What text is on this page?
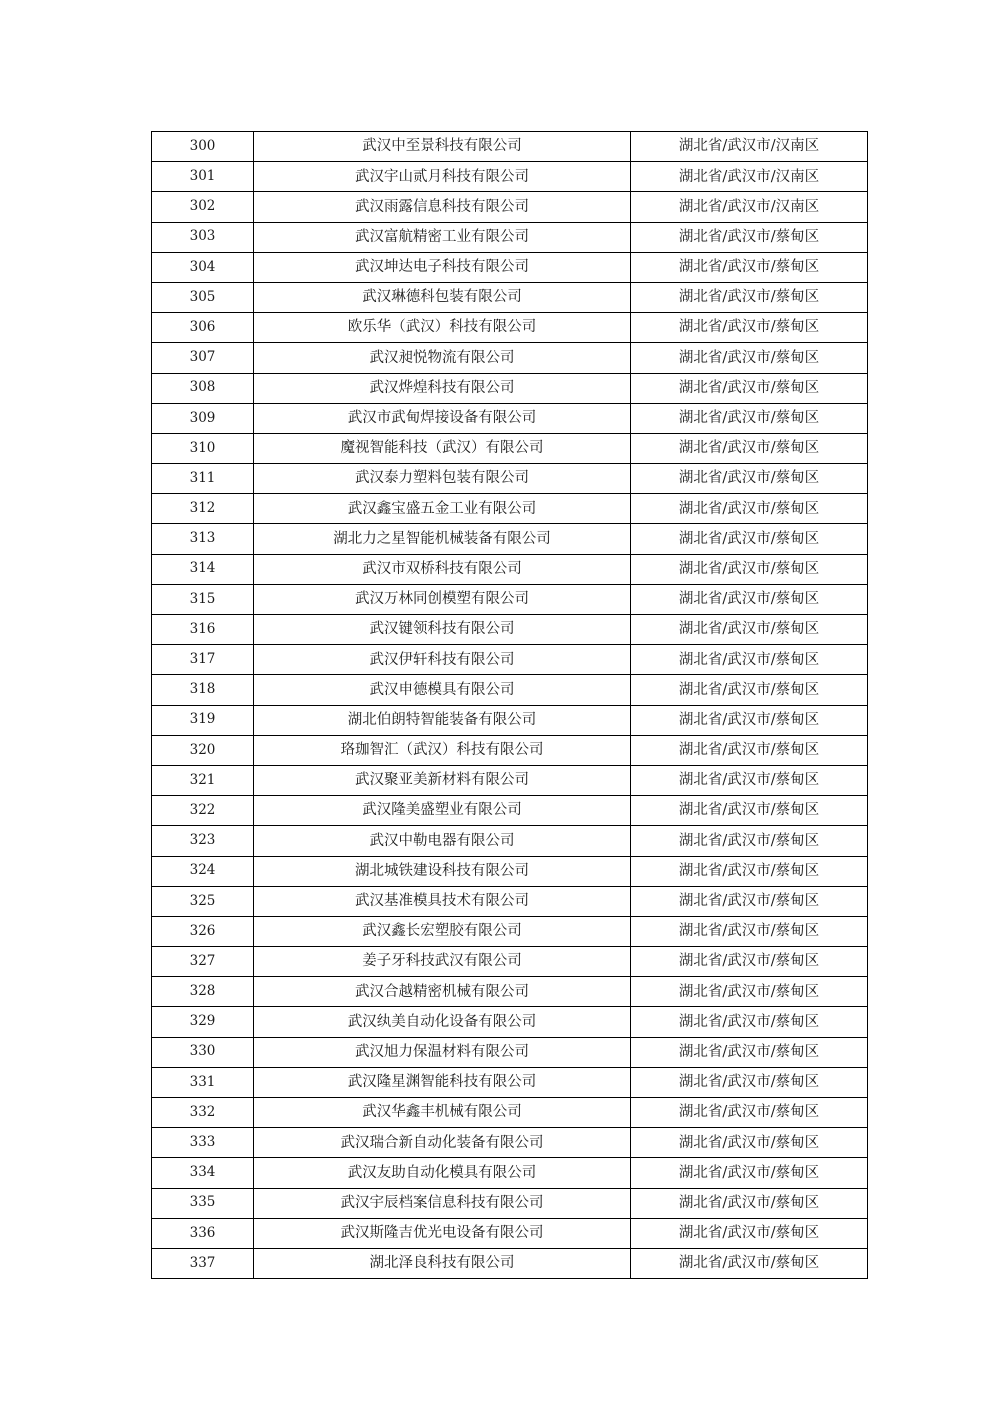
300	武汉中至景科技有限公司	湖北省/武汉市/汉南区
301	武汉宇山贰月科技有限公司	湖北省/武汉市/汉南区
302	武汉雨露信息科技有限公司	湖北省/武汉市/汉南区
303	武汉富航精密工业有限公司	湖北省/武汉市/蔡甸区
304	武汉坤达电子科技有限公司	湖北省/武汉市/蔡甸区
305	武汉琳德科包装有限公司	湖北省/武汉市/蔡甸区
306	欧乐华（武汉）科技有限公司	湖北省/武汉市/蔡甸区
307	武汉昶悦物流有限公司	湖北省/武汉市/蔡甸区
308	武汉烨煌科技有限公司	湖北省/武汉市/蔡甸区
309	武汉市武甸焊接设备有限公司	湖北省/武汉市/蔡甸区
310	魔视智能科技（武汉）有限公司	湖北省/武汉市/蔡甸区
311	武汉泰力塑料包装有限公司	湖北省/武汉市/蔡甸区
312	武汉鑫宝盛五金工业有限公司	湖北省/武汉市/蔡甸区
313	湖北力之星智能机械装备有限公司	湖北省/武汉市/蔡甸区
314	武汉市双桥科技有限公司	湖北省/武汉市/蔡甸区
315	武汉万林同创模塑有限公司	湖北省/武汉市/蔡甸区
316	武汉键领科技有限公司	湖北省/武汉市/蔡甸区
317	武汉伊轩科技有限公司	湖北省/武汉市/蔡甸区
318	武汉申德模具有限公司	湖北省/武汉市/蔡甸区
319	湖北伯朗特智能装备有限公司	湖北省/武汉市/蔡甸区
320	珞珈智汇（武汉）科技有限公司	湖北省/武汉市/蔡甸区
321	武汉聚亚美新材料有限公司	湖北省/武汉市/蔡甸区
322	武汉隆美盛塑业有限公司	湖北省/武汉市/蔡甸区
323	武汉中勒电器有限公司	湖北省/武汉市/蔡甸区
324	湖北城铁建设科技有限公司	湖北省/武汉市/蔡甸区
325	武汉基准模具技术有限公司	湖北省/武汉市/蔡甸区
326	武汉鑫长宏塑胶有限公司	湖北省/武汉市/蔡甸区
327	姜子牙科技武汉有限公司	湖北省/武汉市/蔡甸区
328	武汉合越精密机械有限公司	湖北省/武汉市/蔡甸区
329	武汉纨美自动化设备有限公司	湖北省/武汉市/蔡甸区
330	武汉旭力保温材料有限公司	湖北省/武汉市/蔡甸区
331	武汉隆星渊智能科技有限公司	湖北省/武汉市/蔡甸区
332	武汉华鑫丰机械有限公司	湖北省/武汉市/蔡甸区
333	武汉瑞合新自动化装备有限公司	湖北省/武汉市/蔡甸区
334	武汉友助自动化模具有限公司	湖北省/武汉市/蔡甸区
335	武汉宇辰档案信息科技有限公司	湖北省/武汉市/蔡甸区
336	武汉斯隆吉优光电设备有限公司	湖北省/武汉市/蔡甸区
337	湖北泽良科技有限公司	湖北省/武汉市/蔡甸区
